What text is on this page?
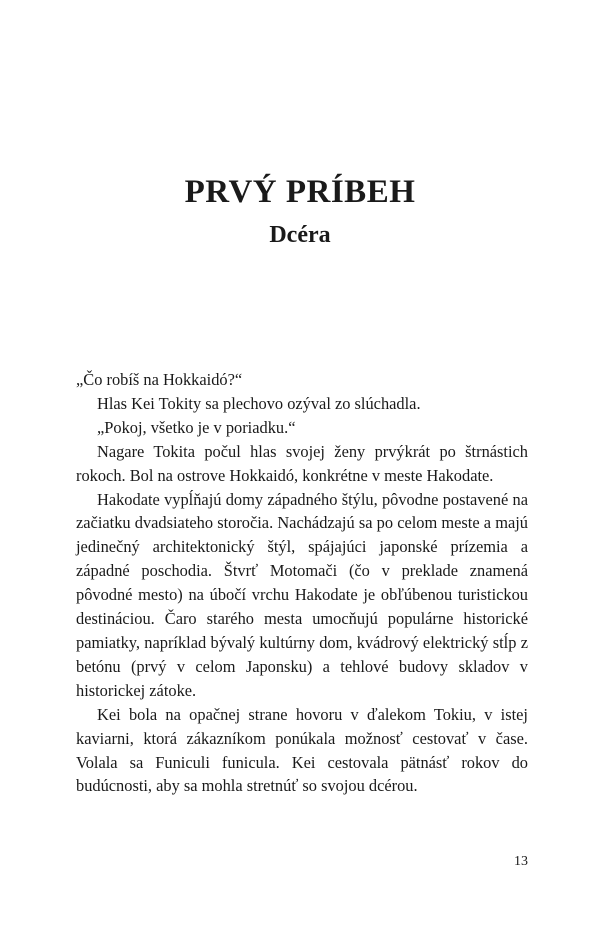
PRVÝ PRÍBEH
Dcéra

„Čo robíš na Hokkaidó?“

Hlas Kei Tokity sa plechovo ozýval zo slúchadla.

„Pokoj, všetko je v poriadku.“

Nagare Tokita počul hlas svojej ženy prvýkrát po štrnástich rokoch. Bol na ostrove Hokkaidó, konkrétne v meste Hakodate.

Hakodate vypĺňajú domy západného štýlu, pôvodne postavené na začiatku dvadsiateho storočia. Nachádzajú sa po celom meste a majú jedinečný architektonický štýl, spájajúci japonské prízemia a západné poschodia. Štvrť Motomači (čo v preklade znamená pôvodné mesto) na úbočí vrchu Hakodate je obľúbenou turistickou destináciou. Čaro starého mesta umocňujú populárne historické pamiatky, napríklad bývalý kultúrny dom, kvádrový elektrický stĺp z betónu (prvý v celom Japonsku) a tehlové budovy skladov v historickej zátoke.

Kei bola na opačnej strane hovoru v ďalekom Tokiu, v istej kaviarni, ktorá zákazníkom ponúkala možnosť cestovať v čase. Volala sa Funiculi funicula. Kei cestovala pätnásť rokov do budúcnosti, aby sa mohla stretnúť so svojou dcérou.

13
